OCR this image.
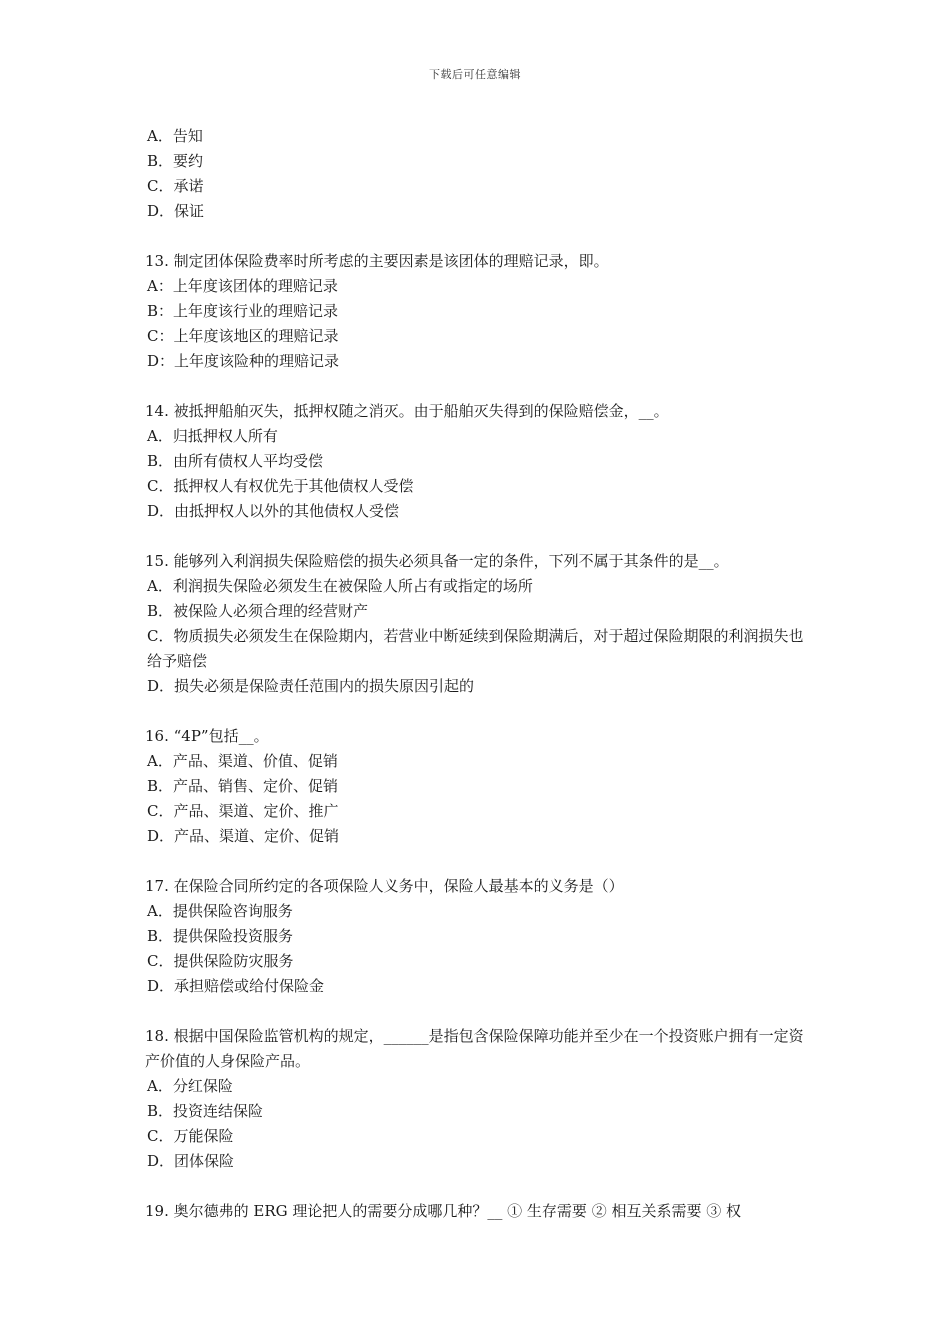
下载后可任意编辑
A．告知
B．要约
C．承诺
D．保证
13. 制定团体保险费率时所考虑的主要因素是该团体的理赔记录，即。
A：上年度该团体的理赔记录
B：上年度该行业的理赔记录
C：上年度该地区的理赔记录
D：上年度该险种的理赔记录
14. 被抵押船舶灭失，抵押权随之消灭。由于船舶灭失得到的保险赔偿金，__。
A．归抵押权人所有
B．由所有债权人平均受偿
C．抵押权人有权优先于其他债权人受偿
D．由抵押权人以外的其他债权人受偿
15. 能够列入利润损失保险赔偿的损失必须具备一定的条件，下列不属于其条件的是__。
A．利润损失保险必须发生在被保险人所占有或指定的场所
B．被保险人必须合理的经营财产
C．物质损失必须发生在保险期内，若营业中断延续到保险期满后，对于超过保险期限的利润损失也给予赔偿
D．损失必须是保险责任范围内的损失原因引起的
16. “4P”包括__。
A．产品、渠道、价值、促销
B．产品、销售、定价、促销
C．产品、渠道、定价、推广
D．产品、渠道、定价、促销
17. 在保险合同所约定的各项保险人义务中，保险人最基本的义务是（）
A．提供保险咨询服务
B．提供保险投资服务
C．提供保险防灾服务
D．承担赔偿或给付保险金
18. 根据中国保险监管机构的规定，______是指包含保险保障功能并至少在一个投资账户拥有一定资产价值的人身保险产品。
A．分红保险
B．投资连结保险
C．万能保险
D．团体保险
19. 奥尔德弗的 ERG 理论把人的需要分成哪几种？__ ① 生存需要 ② 相互关系需要 ③ 权
